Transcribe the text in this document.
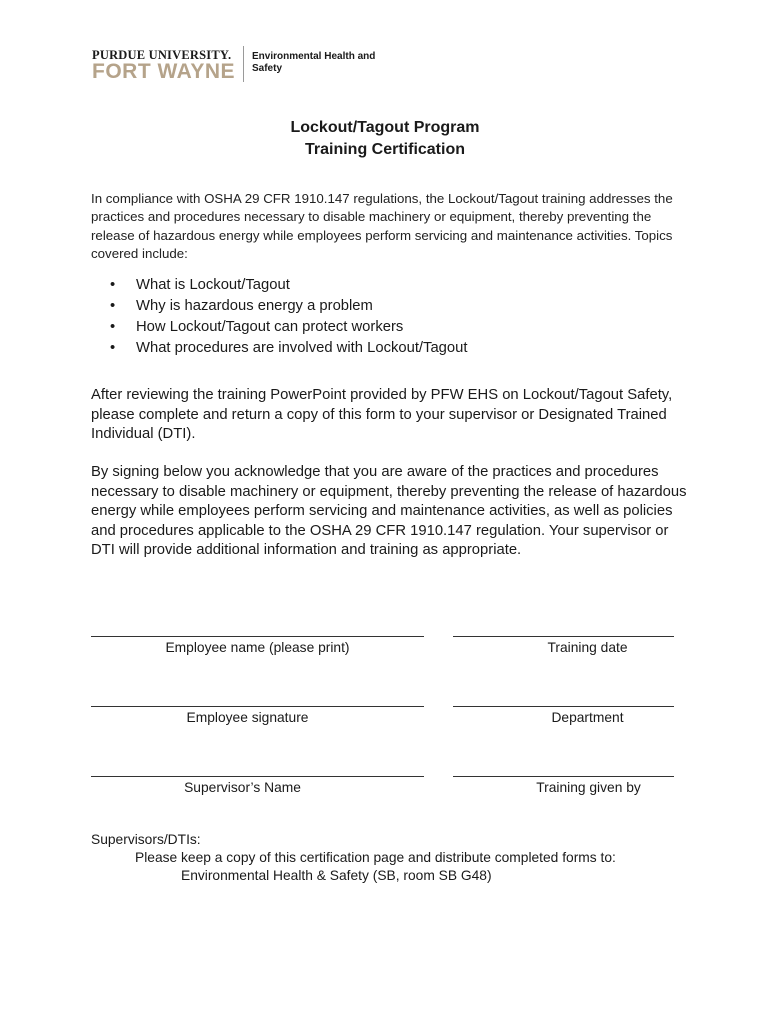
PURDUE UNIVERSITY.
FORT WAYNE
Environmental Health and Safety
Lockout/Tagout Program
Training Certification
In compliance with OSHA 29 CFR 1910.147 regulations, the Lockout/Tagout training addresses the practices and procedures necessary to disable machinery or equipment, thereby preventing the release of hazardous energy while employees perform servicing and maintenance activities. Topics covered include:
• What is Lockout/Tagout
• Why is hazardous energy a problem
• How Lockout/Tagout can protect workers
• What procedures are involved with Lockout/Tagout
After reviewing the training PowerPoint provided by PFW EHS on Lockout/Tagout Safety, please complete and return a copy of this form to your supervisor or Designated Trained Individual (DTI).
By signing below you acknowledge that you are aware of the practices and procedures necessary to disable machinery or equipment, thereby preventing the release of hazardous energy while employees perform servicing and maintenance activities, as well as policies and procedures applicable to the OSHA 29 CFR 1910.147 regulation. Your supervisor or DTI will provide additional information and training as appropriate.
Employee name (please print)	Training date
Employee signature	Department
Supervisor’s Name	Training given by
Supervisors/DTIs:
Please keep a copy of this certification page and distribute completed forms to:
Environmental Health & Safety (SB, room SB G48)
